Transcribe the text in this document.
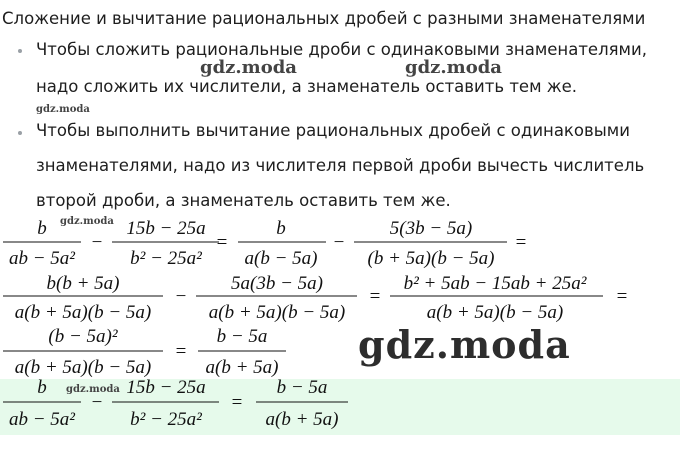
Сложение и вычитание рациональных дробей с разными знаменателями
Чтобы сложить рациональные дроби с одинаковыми знаменателями,
надо сложить их числители, а знаменатель оставить тем же.
Чтобы выполнить вычитание рациональных дробей с одинаковыми
знаменателями, надо из числителя первой дроби вычесть числитель
второй дроби, а знаменатель оставить тем же.
gdz.moda	gdz.moda
gdz.moda
b
ab − 5a²
−
15b − 25a
b² − 25a²
=
b
a(b − 5a)
−
5(3b − 5a)
(b + 5a)(b − 5a)
=
b(b + 5a)
a(b + 5a)(b − 5a)
−
5a(3b − 5a)
a(b + 5a)(b − 5a)
=
b² + 5ab − 15ab + 25a²
a(b + 5a)(b − 5a)
=
(b − 5a)²
a(b + 5a)(b − 5a)
=
b − 5a
a(b + 5a)
b
ab − 5a²
−
15b − 25a
b² − 25a²
=
b − 5a
a(b + 5a)
gdz.moda
gdz.moda
gdz.moda
